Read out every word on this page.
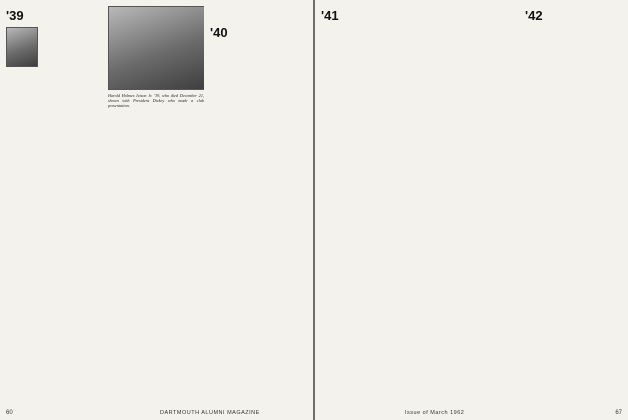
'39

Harold Holmes Ivison Jr. '39, who died December 21, shown with President Dickey who made a club presentation.

'40

60	DARTMOUTH ALUMNI MAGAZINE

'41	'42

Issue of March 1962	67
